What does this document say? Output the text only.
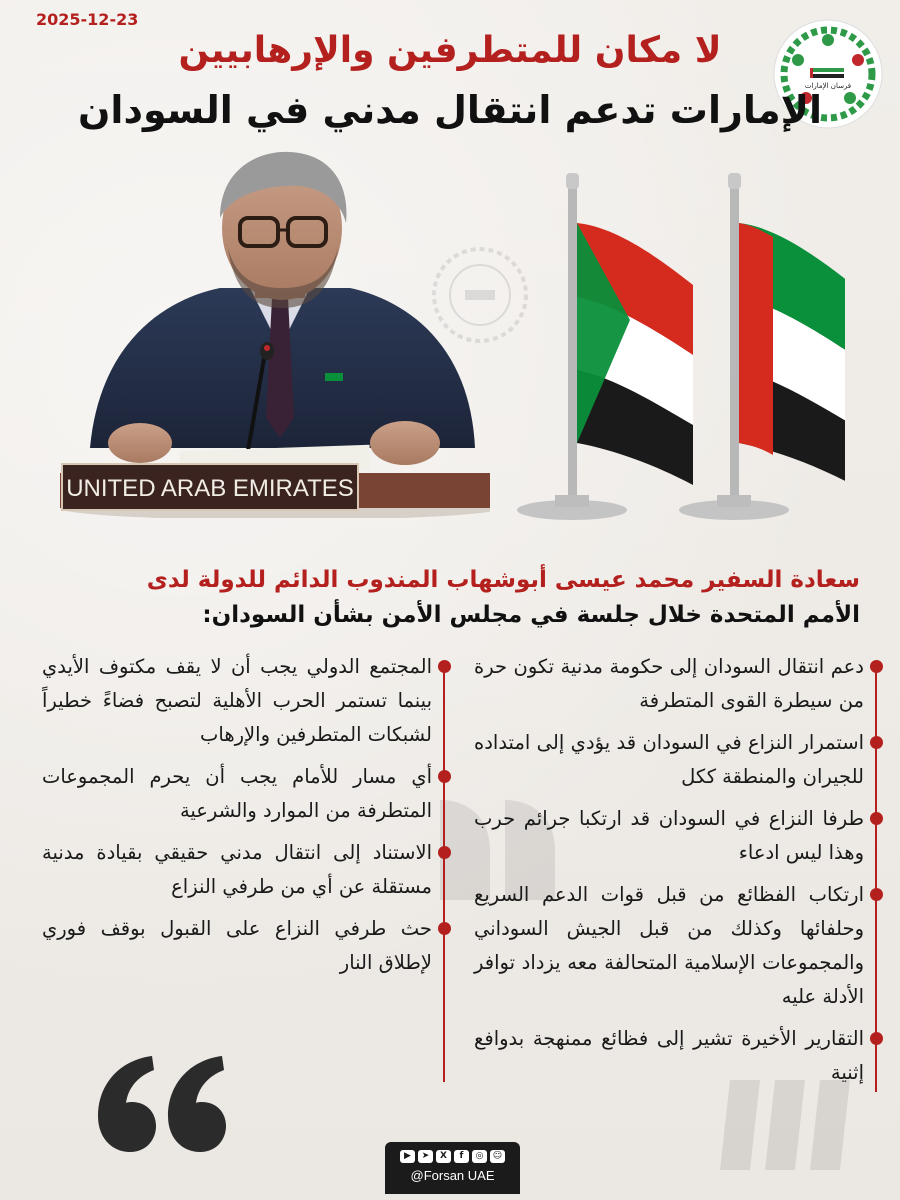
2025-12-23
فرسان الإمارات
لا مكان للمتطرفين والإرهابيين
الإمارات تدعم انتقال مدني في السودان
UNITED ARAB EMIRATES
سعادة السفير محمد عيسى أبوشهاب المندوب الدائم للدولة لدى
الأمم المتحدة خلال جلسة في مجلس الأمن بشأن السودان:
دعم انتقال السودان إلى حكومة مدنية تكون حرة من سيطرة القوى المتطرفة
استمرار النزاع في السودان قد يؤدي إلى امتداده للجيران والمنطقة ككل
طرفا النزاع في السودان قد ارتكبا جرائم حرب وهذا ليس ادعاء
ارتكاب الفظائع من قبل قوات الدعم السريع وحلفائها وكذلك من قبل الجيش السوداني والمجموعات الإسلامية المتحالفة معه يزداد توافر الأدلة عليه
التقارير الأخيرة تشير إلى فظائع ممنهجة بدوافع إثنية
المجتمع الدولي يجب أن لا يقف مكتوف الأيدي بينما تستمر الحرب الأهلية لتصبح فضاءً خطيراً لشبكات المتطرفين والإرهاب
أي مسار للأمام يجب أن يحرم المجموعات المتطرفة من الموارد والشرعية
الاستناد إلى انتقال مدني حقيقي بقيادة مدنية مستقلة عن أي من طرفي النزاع
حث طرفي النزاع على القبول بوقف فوري لإطلاق النار
▶	➤	X	f	◎	☺
@Forsan UAE
